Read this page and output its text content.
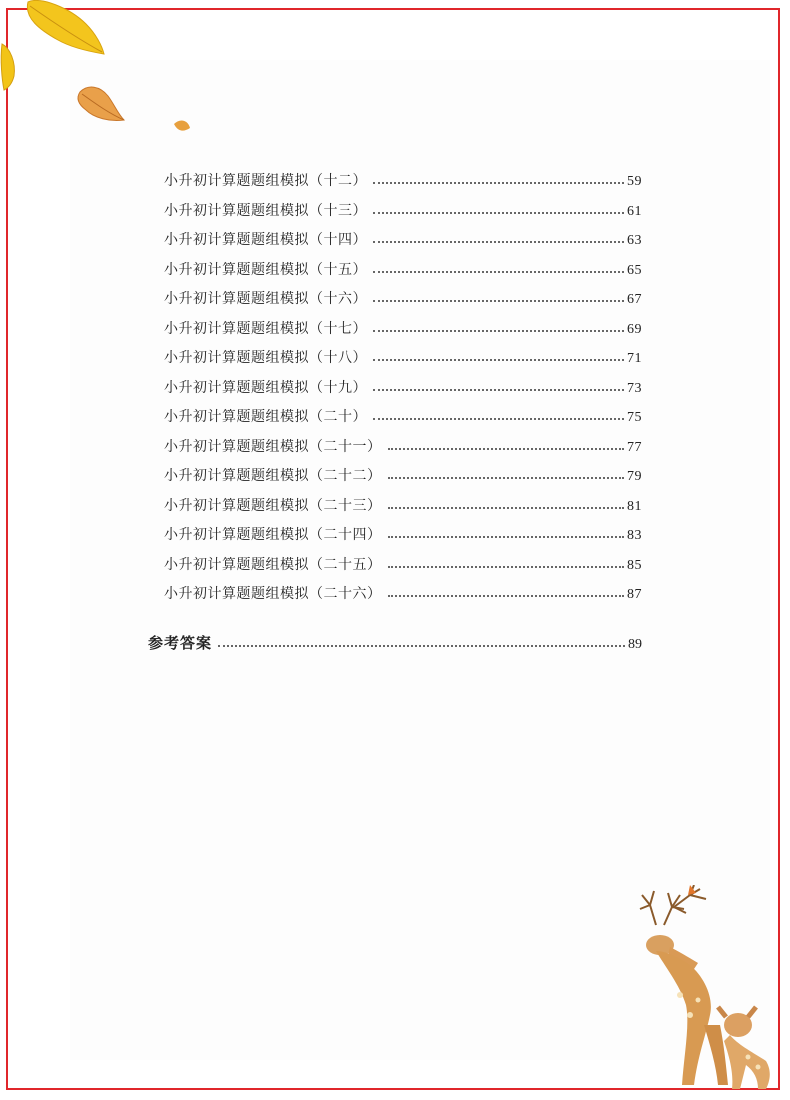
小升初计算题题组模拟（十二）	59
小升初计算题题组模拟（十三）	61
小升初计算题题组模拟（十四）	63
小升初计算题题组模拟（十五）	65
小升初计算题题组模拟（十六）	67
小升初计算题题组模拟（十七）	69
小升初计算题题组模拟（十八）	71
小升初计算题题组模拟（十九）	73
小升初计算题题组模拟（二十）	75
小升初计算题题组模拟（二十一）	77
小升初计算题题组模拟（二十二）	79
小升初计算题题组模拟（二十三）	81
小升初计算题题组模拟（二十四）	83
小升初计算题题组模拟（二十五）	85
小升初计算题题组模拟（二十六）	87
参考答案	89
